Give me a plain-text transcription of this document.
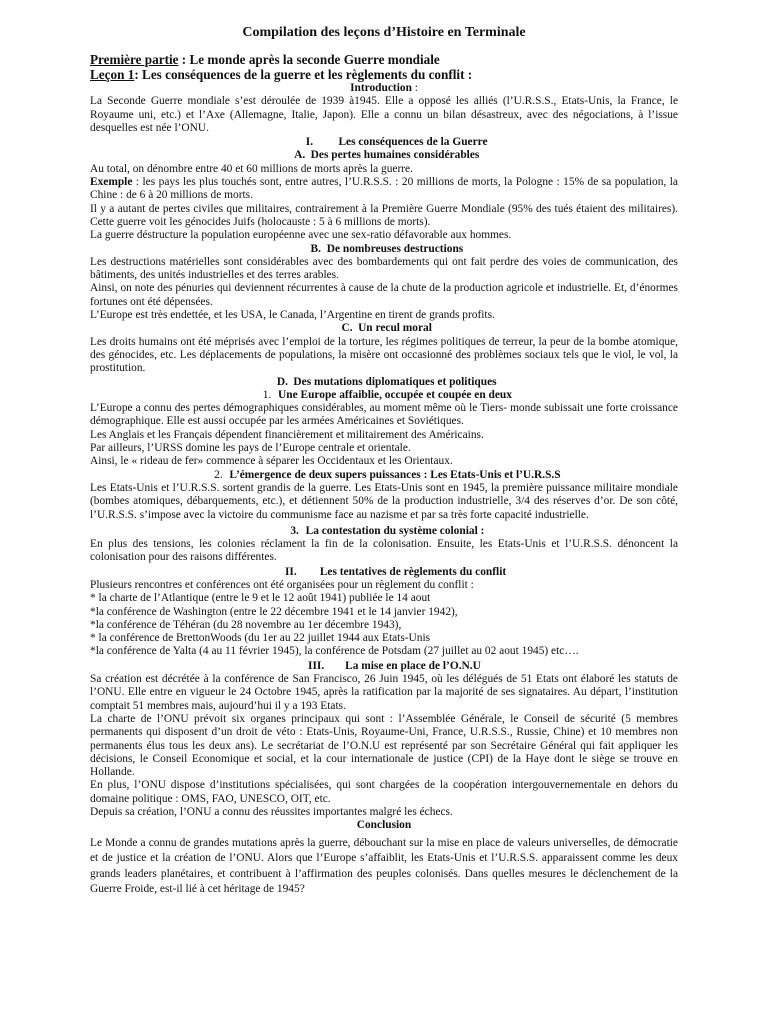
Compilation des leçons d’Histoire en Terminale
Première partie : Le monde après la seconde Guerre mondiale
Leçon 1: Les conséquences de la guerre et les règlements du conflit :
Introduction :

La Seconde Guerre mondiale s’est déroulée de 1939 à1945. Elle a opposé les alliés (l’U.R.S.S., Etats-Unis, la France, le Royaume uni, etc.) et l’Axe (Allemagne, Italie, Japon). Elle a connu un bilan désastreux, avec des négociations, à l’issue desquelles est née l’ONU.

I. Les conséquences de la Guerre
A. Des pertes humaines considérables

Au total, on dénombre entre 40 et 60 millions de morts après la guerre.

Exemple : les pays les plus touchés sont, entre autres, l’U.R.S.S. : 20 millions de morts, la Pologne : 15% de sa population, la Chine : de 6 à 20 millions de morts.

Il y a autant de pertes civiles que militaires, contrairement à la Première Guerre Mondiale (95% des tués étaient des militaires). Cette guerre voit les génocides Juifs (holocauste : 5 à 6 millions de morts).

La guerre déstructure la population européenne avec une sex-ratio défavorable aux hommes.

B. De nombreuses destructions

Les destructions matérielles sont considérables avec des bombardements qui ont fait perdre des voies de communication, des bâtiments, des unités industrielles et des terres arables.

Ainsi, on note des pénuries qui deviennent récurrentes à cause de la chute de la production agricole et industrielle. Et, d’énormes fortunes ont été dépensées.

L’Europe est très endettée, et les USA, le Canada, l’Argentine en tirent de grands profits.

C. Un recul moral

Les droits humains ont été méprisés avec l’emploi de la torture, les régimes politiques de terreur, la peur de la bombe atomique, des génocides, etc. Les déplacements de populations, la misère ont occasionné des problèmes sociaux tels que le viol, le vol, la prostitution.

D. Des mutations diplomatiques et politiques
1. Une Europe affaiblie, occupée et coupée en deux

L’Europe a connu des pertes démographiques considérables, au moment même où le Tiers- monde subissait une forte croissance démographique. Elle est aussi occupée par les armées Américaines et Soviétiques.

Les Anglais et les Français dépendent financièrement et militairement des Américains.

Par ailleurs, l’URSS domine les pays de l’Europe centrale et orientale.

Ainsi, le « rideau de fer» commence à séparer les Occidentaux et les Orientaux.

2. L’émergence de deux supers puissances : Les Etats-Unis et l’U.R.S.S

Les Etats-Unis et l’U.R.S.S. sortent grandis de la guerre. Les Etats-Unis sont en 1945, la première puissance militaire mondiale (bombes atomiques, débarquements, etc.), et détiennent 50% de la production industrielle, 3/4 des réserves d’or. De son côté, l’U.R.S.S. s’impose avec la victoire du communisme face au nazisme et par sa très forte capacité industrielle.

3. La contestation du système colonial :

En plus des tensions, les colonies réclament la fin de la colonisation. Ensuite, les Etats-Unis et l’U.R.S.S. dénoncent la colonisation pour des raisons différentes.

II. Les tentatives de règlements du conflit

Plusieurs rencontres et conférences ont été organisées pour un règlement du conflit :

* la charte de l’Atlantique (entre le 9 et le 12 août 1941) publiée le 14 aout

*la conférence de Washington (entre le 22 décembre 1941 et le 14 janvier 1942),

*la conférence de Téhéran (du 28 novembre au 1er décembre 1943),

* la conférence de BrettonWoods (du 1er au 22 juillet 1944 aux Etats-Unis

*la conférence de Yalta (4 au 11 février 1945), la conférence de Potsdam (27 juillet au 02 aout 1945) etc….

III. La mise en place de l’O.N.U

Sa création est décrétée à la conférence de San Francisco, 26 Juin 1945, où les délégués de 51 Etats ont élaboré les statuts de l’ONU. Elle entre en vigueur le 24 Octobre 1945, après la ratification par la majorité de ses signataires. Au départ, l’institution comptait 51 membres mais, aujourd’hui il y a 193 Etats.

La charte de l’ONU prévoit six organes principaux qui sont : l’Assemblée Générale, le Conseil de sécurité (5 membres permanents qui disposent d’un droit de véto : Etats-Unis, Royaume-Uni, France, U.R.S.S., Russie, Chine) et 10 membres non permanents élus tous les deux ans). Le secrétariat de l’O.N.U est représenté par son Secrétaire Général qui fait appliquer les décisions, le Conseil Economique et social, et la cour internationale de justice (CPI) de la Haye dont le siège se trouve en Hollande.

En plus, l’ONU dispose d’institutions spécialisées, qui sont chargées de la coopération intergouvernementale en dehors du domaine politique : OMS, FAO, UNESCO, OIT, etc.

Depuis sa création, l’ONU a connu des réussites importantes malgré les échecs.

Conclusion

Le Monde a connu de grandes mutations après la guerre, débouchant sur la mise en place de valeurs universelles, de démocratie et de justice et la création de l’ONU. Alors que l’Europe s’affaiblit, les Etats-Unis et l’U.R.S.S. apparaissent comme les deux grands leaders planétaires, et contribuent à l’affirmation des peuples colonisés. Dans quelles mesures le déclenchement de la Guerre Froide, est-il lié à cet héritage de 1945?
